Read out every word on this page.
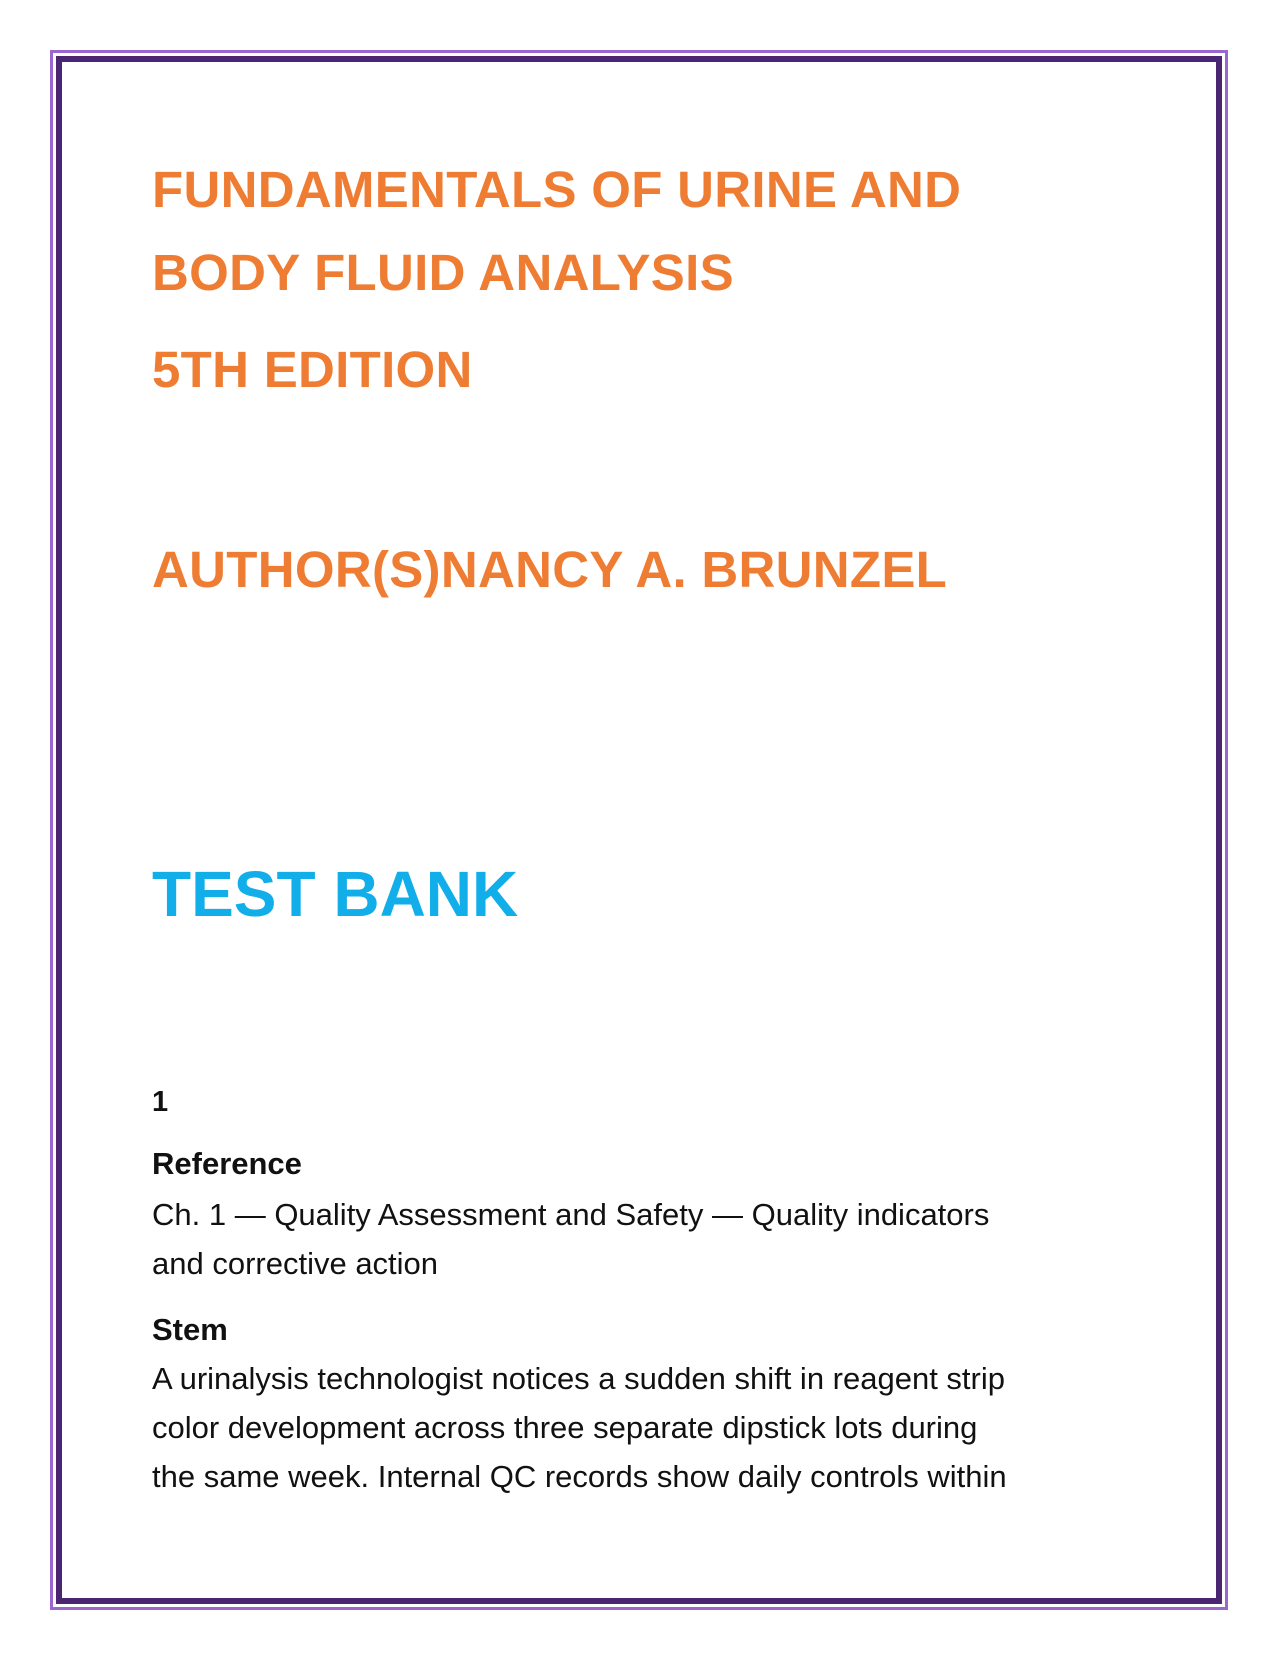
FUNDAMENTALS OF URINE AND
BODY FLUID ANALYSIS
5TH EDITION
AUTHOR(S)NANCY A. BRUNZEL
TEST BANK

1

Reference

Ch. 1 — Quality Assessment and Safety — Quality indicators
and corrective action

Stem

A urinalysis technologist notices a sudden shift in reagent strip
color development across three separate dipstick lots during
the same week. Internal QC records show daily controls within
